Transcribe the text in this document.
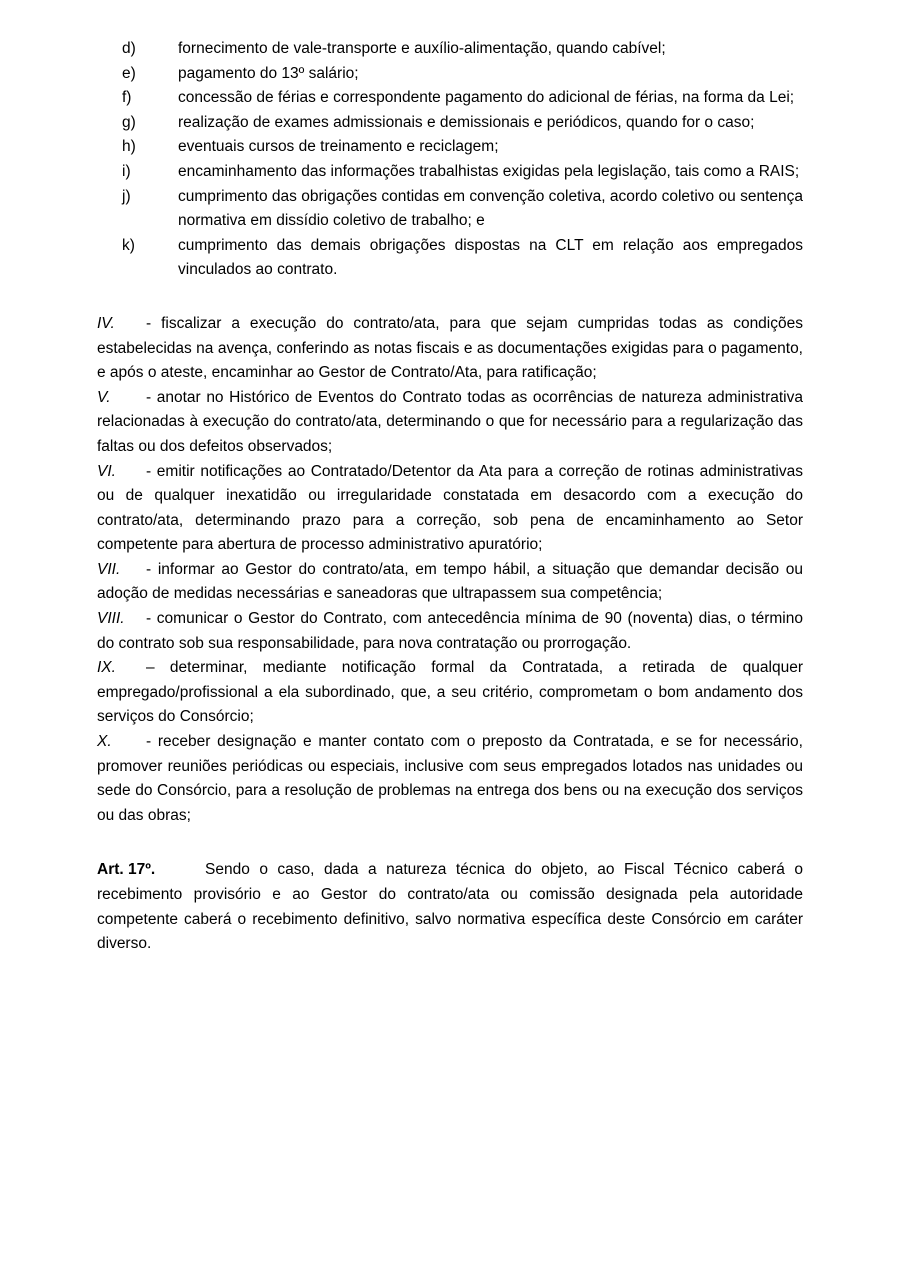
d)	fornecimento de vale-transporte e auxílio-alimentação, quando cabível;
e)	pagamento do 13º salário;
f)	concessão de férias e correspondente pagamento do adicional de férias, na forma da Lei;
g)	realização de exames admissionais e demissionais e periódicos, quando for o caso;
h)	eventuais cursos de treinamento e reciclagem;
i)	encaminhamento das informações trabalhistas exigidas pela legislação, tais como a RAIS;
j)	cumprimento das obrigações contidas em convenção coletiva, acordo coletivo ou sentença normativa em dissídio coletivo de trabalho; e
k)	cumprimento das demais obrigações dispostas na CLT em relação aos empregados vinculados ao contrato.

IV. - fiscalizar a execução do contrato/ata, para que sejam cumpridas todas as condições estabelecidas na avença, conferindo as notas fiscais e as documentações exigidas para o pagamento, e após o ateste, encaminhar ao Gestor de Contrato/Ata, para ratificação;

V. - anotar no Histórico de Eventos do Contrato todas as ocorrências de natureza administrativa relacionadas à execução do contrato/ata, determinando o que for necessário para a regularização das faltas ou dos defeitos observados;

VI. - emitir notificações ao Contratado/Detentor da Ata para a correção de rotinas administrativas ou de qualquer inexatidão ou irregularidade constatada em desacordo com a execução do contrato/ata, determinando prazo para a correção, sob pena de encaminhamento ao Setor competente para abertura de processo administrativo apuratório;

VII. - informar ao Gestor do contrato/ata, em tempo hábil, a situação que demandar decisão ou adoção de medidas necessárias e saneadoras que ultrapassem sua competência;

VIII. - comunicar o Gestor do Contrato, com antecedência mínima de 90 (noventa) dias, o término do contrato sob sua responsabilidade, para nova contratação ou prorrogação.

IX. – determinar, mediante notificação formal da Contratada, a retirada de qualquer empregado/profissional a ela subordinado, que, a seu critério, comprometam o bom andamento dos serviços do Consórcio;

X. - receber designação e manter contato com o preposto da Contratada, e se for necessário, promover reuniões periódicas ou especiais, inclusive com seus empregados lotados nas unidades ou sede do Consórcio, para a resolução de problemas na entrega dos bens ou na execução dos serviços ou das obras;

Art. 17º.	Sendo o caso, dada a natureza técnica do objeto, ao Fiscal Técnico caberá o recebimento provisório e ao Gestor do contrato/ata ou comissão designada pela autoridade competente caberá o recebimento definitivo, salvo normativa específica deste Consórcio em caráter diverso.
